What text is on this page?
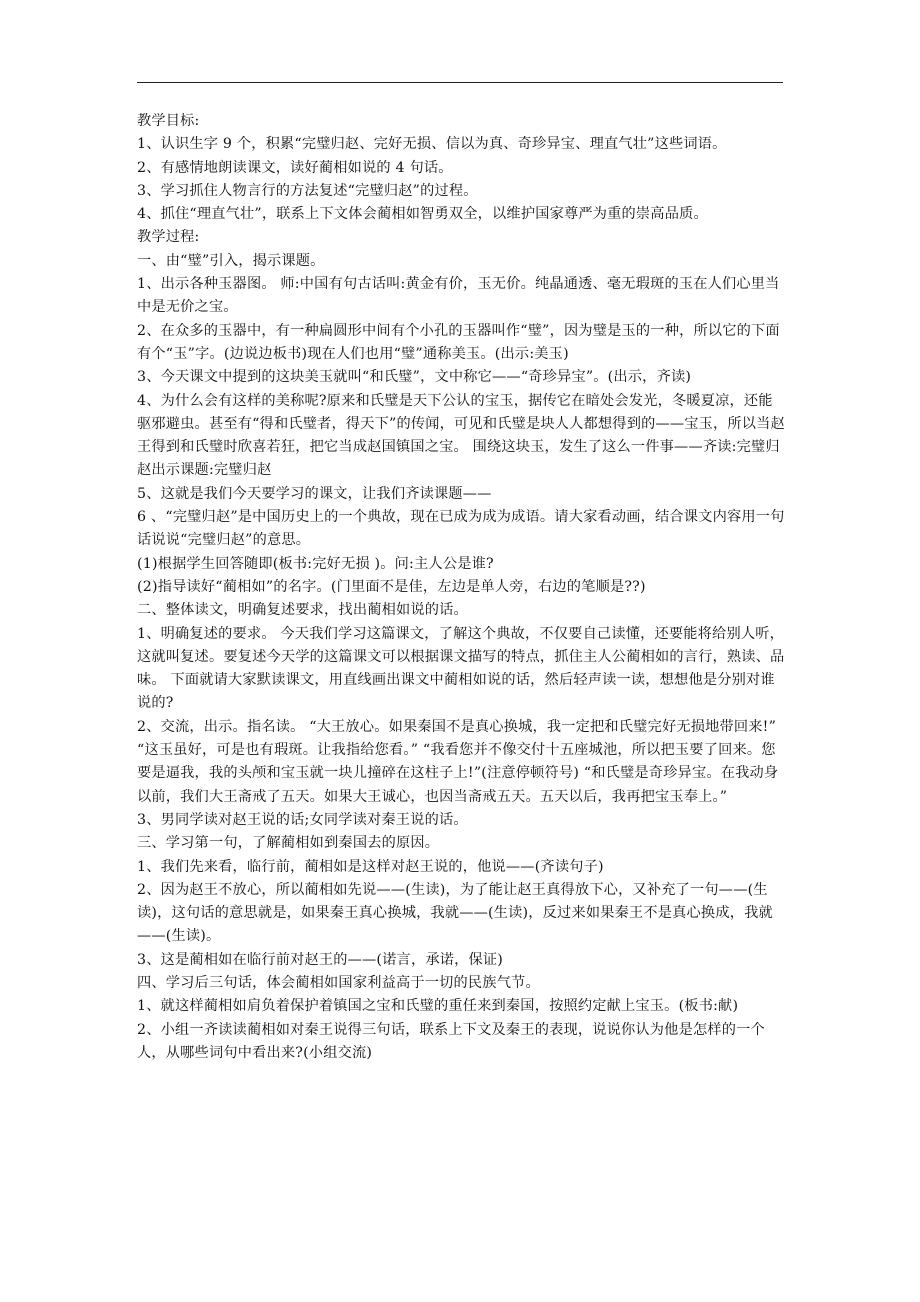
教学目标:
1、认识生字 9 个，积累“完璧归赵、完好无损、信以为真、奇珍异宝、理直气壮”这些词语。
2、有感情地朗读课文，读好蔺相如说的 4 句话。
3、学习抓住人物言行的方法复述“完璧归赵”的过程。
4、抓住“理直气壮”，联系上下文体会蔺相如智勇双全，以维护国家尊严为重的崇高品质。
教学过程:
一、由“璧”引入，揭示课题。
1、出示各种玉器图。 师:中国有句古话叫:黄金有价，玉无价。纯晶通透、毫无瑕斑的玉在人们心里当中是无价之宝。
2、在众多的玉器中，有一种扁圆形中间有个小孔的玉器叫作“璧”，因为璧是玉的一种，所以它的下面有个“玉”字。(边说边板书)现在人们也用“璧”通称美玉。(出示:美玉)
3、今天课文中提到的这块美玉就叫“和氏璧”，文中称它——“奇珍异宝”。(出示，齐读)
4、为什么会有这样的美称呢?原来和氏璧是天下公认的宝玉，据传它在暗处会发光，冬暖夏凉，还能驱邪避虫。甚至有“得和氏璧者，得天下”的传闻，可见和氏璧是块人人都想得到的——宝玉，所以当赵王得到和氏璧时欣喜若狂，把它当成赵国镇国之宝。 围绕这块玉，发生了这么一件事——齐读:完璧归赵出示课题:完璧归赵
5、这就是我们今天要学习的课文，让我们齐读课题——
6 、“完璧归赵”是中国历史上的一个典故，现在已成为成为成语。请大家看动画，结合课文内容用一句话说说“完璧归赵”的意思。
(1)根据学生回答随即(板书:完好无损 )。问:主人公是谁?
(2)指导读好“蔺相如”的名字。(门里面不是佳，左边是单人旁，右边的笔顺是??)
二、整体读文，明确复述要求，找出蔺相如说的话。
1、明确复述的要求。 今天我们学习这篇课文，了解这个典故，不仅要自己读懂，还要能将给别人听，这就叫复述。要复述今天学的这篇课文可以根据课文描写的特点，抓住主人公蔺相如的言行，熟读、品味。 下面就请大家默读课文，用直线画出课文中蔺相如说的话，然后轻声读一读，想想他是分别对谁说的?
2、交流，出示。指名读。 “大王放心。如果秦国不是真心换城，我一定把和氏璧完好无损地带回来!” “这玉虽好，可是也有瑕斑。让我指给您看。” “我看您并不像交付十五座城池，所以把玉要了回来。您要是逼我，我的头颅和宝玉就一块儿撞碎在这柱子上!”(注意停顿符号) “和氏璧是奇珍异宝。在我动身以前，我们大王斋戒了五天。如果大王诚心，也因当斋戒五天。五天以后，我再把宝玉奉上。”
3、男同学读对赵王说的话;女同学读对秦王说的话。
三、学习第一句，了解蔺相如到秦国去的原因。
1、我们先来看，临行前，蔺相如是这样对赵王说的，他说——(齐读句子)
2、因为赵王不放心，所以蔺相如先说——(生读)，为了能让赵王真得放下心，又补充了一句——(生读)，这句话的意思就是，如果秦王真心换城，我就——(生读)，反过来如果秦王不是真心换成，我就——(生读)。
3、这是蔺相如在临行前对赵王的——(诺言，承诺，保证)
四、学习后三句话，体会蔺相如国家利益高于一切的民族气节。
1、就这样蔺相如肩负着保护着镇国之宝和氏璧的重任来到秦国，按照约定献上宝玉。(板书:献)
2、小组一齐读读蔺相如对秦王说得三句话，联系上下文及秦王的表现，说说你认为他是怎样的一个人，从哪些词句中看出来?(小组交流)
